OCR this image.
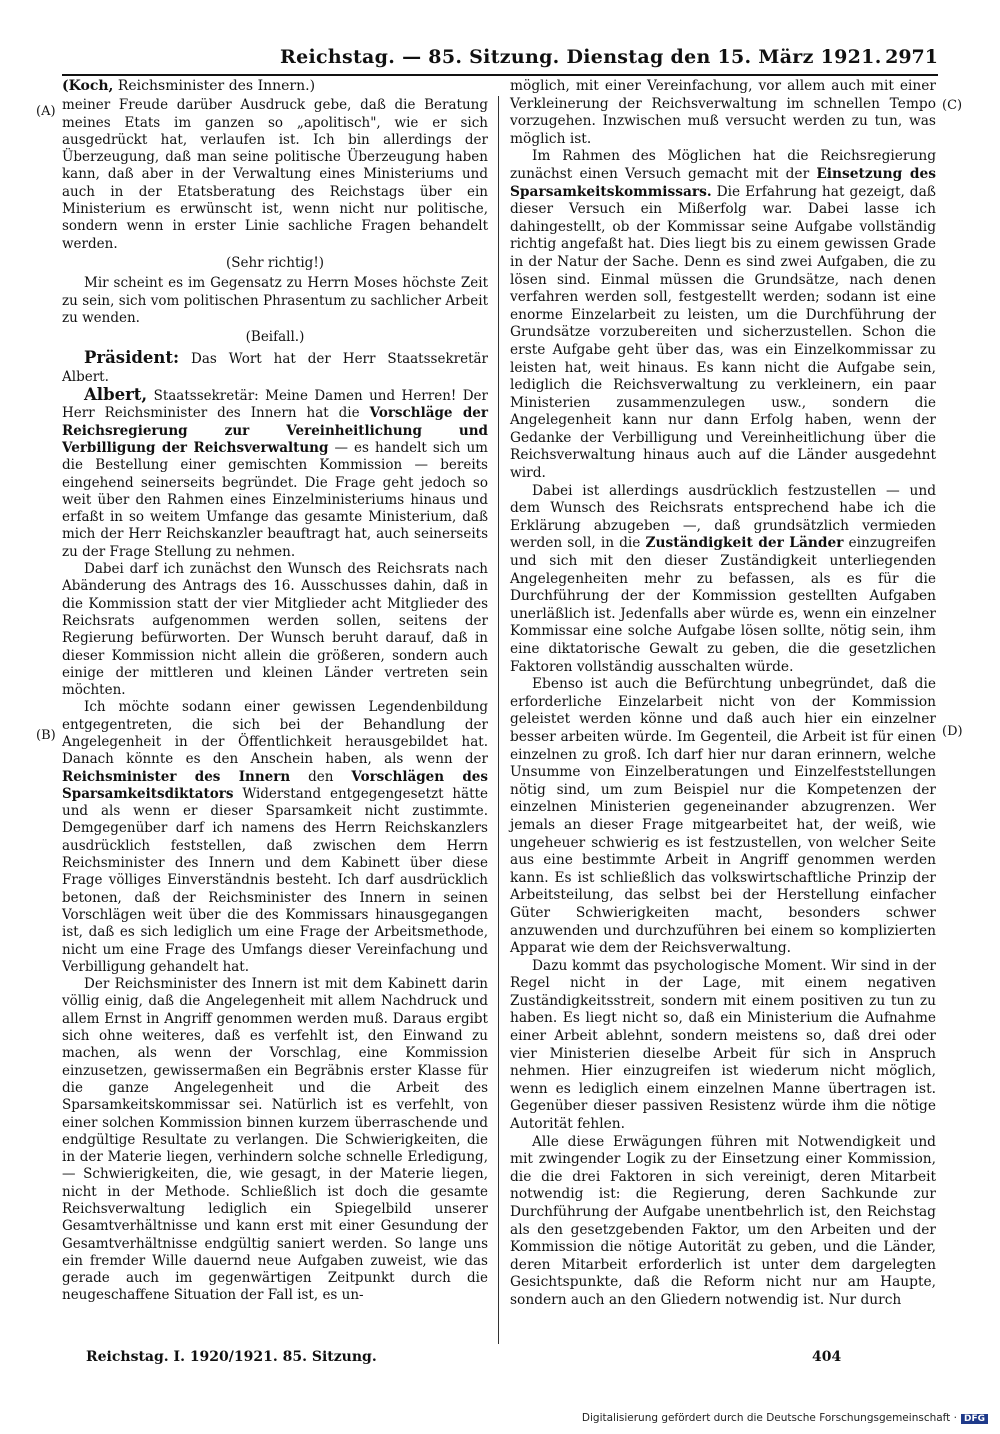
Reichstag. — 85. Sitzung. Dienstag den 15. März 1921. 2971
(A)
(B)
(C)
(D)

(Koch, Reichsminister des Innern.)

meiner Freude darüber Ausdruck gebe, daß die Beratung meines Etats im ganzen so „apolitisch", wie er sich ausgedrückt hat, verlaufen ist. Ich bin allerdings der Überzeugung, daß man seine politische Überzeugung haben kann, daß aber in der Verwaltung eines Ministeriums und auch in der Etatsberatung des Reichstags über ein Ministerium es erwünscht ist, wenn nicht nur politische, sondern wenn in erster Linie sachliche Fragen behandelt werden.

(Sehr richtig!)

Mir scheint es im Gegensatz zu Herrn Moses höchste Zeit zu sein, sich vom politischen Phrasentum zu sachlicher Arbeit zu wenden.

(Beifall.)

Präsident: Das Wort hat der Herr Staatssekretär Albert.

Albert, Staatssekretär: Meine Damen und Herren! Der Herr Reichsminister des Innern hat die Vorschläge der Reichsregierung zur Vereinheitlichung und Verbilligung der Reichsverwaltung — es handelt sich um die Bestellung einer gemischten Kommission — bereits eingehend seinerseits begründet. Die Frage geht jedoch so weit über den Rahmen eines Einzelministeriums hinaus und erfaßt in so weitem Umfange das gesamte Ministerium, daß mich der Herr Reichskanzler beauftragt hat, auch seinerseits zu der Frage Stellung zu nehmen.

Dabei darf ich zunächst den Wunsch des Reichsrats nach Abänderung des Antrags des 16. Ausschusses dahin, daß in die Kommission statt der vier Mitglieder acht Mitglieder des Reichsrats aufgenommen werden sollen, seitens der Regierung befürworten. Der Wunsch beruht darauf, daß in dieser Kommission nicht allein die größeren, sondern auch einige der mittleren und kleinen Länder vertreten sein möchten.

Ich möchte sodann einer gewissen Legendenbildung entgegentreten, die sich bei der Behandlung der Angelegenheit in der Öffentlichkeit herausgebildet hat. Danach könnte es den Anschein haben, als wenn der Reichsminister des Innern den Vorschlägen des Sparsamkeitsdiktators Widerstand entgegengesetzt hätte und als wenn er dieser Sparsamkeit nicht zustimmte. Demgegenüber darf ich namens des Herrn Reichskanzlers ausdrücklich feststellen, daß zwischen dem Herrn Reichsminister des Innern und dem Kabinett über diese Frage völliges Einverständnis besteht. Ich darf ausdrücklich betonen, daß der Reichsminister des Innern in seinen Vorschlägen weit über die des Kommissars hinausgegangen ist, daß es sich lediglich um eine Frage der Arbeitsmethode, nicht um eine Frage des Umfangs dieser Vereinfachung und Verbilligung gehandelt hat.

Der Reichsminister des Innern ist mit dem Kabinett darin völlig einig, daß die Angelegenheit mit allem Nachdruck und allem Ernst in Angriff genommen werden muß. Daraus ergibt sich ohne weiteres, daß es verfehlt ist, den Einwand zu machen, als wenn der Vorschlag, eine Kommission einzusetzen, gewissermaßen ein Begräbnis erster Klasse für die ganze Angelegenheit und die Arbeit des Sparsamkeitskommissar sei. Natürlich ist es verfehlt, von einer solchen Kommission binnen kurzem überraschende und endgültige Resultate zu verlangen. Die Schwierigkeiten, die in der Materie liegen, verhindern solche schnelle Erledigung, — Schwierigkeiten, die, wie gesagt, in der Materie liegen, nicht in der Methode. Schließlich ist doch die gesamte Reichsverwaltung lediglich ein Spiegelbild unserer Gesamtverhältnisse und kann erst mit einer Gesundung der Gesamtverhältnisse endgültig saniert werden. So lange uns ein fremder Wille dauernd neue Aufgaben zuweist, wie das gerade auch im gegenwärtigen Zeitpunkt durch die neugeschaffene Situation der Fall ist, es un-

möglich, mit einer Vereinfachung, vor allem auch mit einer Verkleinerung der Reichsverwaltung im schnellen Tempo vorzugehen. Inzwischen muß versucht werden zu tun, was möglich ist.

Im Rahmen des Möglichen hat die Reichsregierung zunächst einen Versuch gemacht mit der Einsetzung des Sparsamkeitskommissars. Die Erfahrung hat gezeigt, daß dieser Versuch ein Mißerfolg war. Dabei lasse ich dahingestellt, ob der Kommissar seine Aufgabe vollständig richtig angefaßt hat. Dies liegt bis zu einem gewissen Grade in der Natur der Sache. Denn es sind zwei Aufgaben, die zu lösen sind. Einmal müssen die Grundsätze, nach denen verfahren werden soll, festgestellt werden; sodann ist eine enorme Einzelarbeit zu leisten, um die Durchführung der Grundsätze vorzubereiten und sicherzustellen. Schon die erste Aufgabe geht über das, was ein Einzelkommissar zu leisten hat, weit hinaus. Es kann nicht die Aufgabe sein, lediglich die Reichsverwaltung zu verkleinern, ein paar Ministerien zusammenzulegen usw., sondern die Angelegenheit kann nur dann Erfolg haben, wenn der Gedanke der Verbilligung und Vereinheitlichung über die Reichsverwaltung hinaus auch auf die Länder ausgedehnt wird.

Dabei ist allerdings ausdrücklich festzustellen — und dem Wunsch des Reichsrats entsprechend habe ich die Erklärung abzugeben —, daß grundsätzlich vermieden werden soll, in die Zuständigkeit der Länder einzugreifen und sich mit den dieser Zuständigkeit unterliegenden Angelegenheiten mehr zu befassen, als es für die Durchführung der der Kommission gestellten Aufgaben unerläßlich ist. Jedenfalls aber würde es, wenn ein einzelner Kommissar eine solche Aufgabe lösen sollte, nötig sein, ihm eine diktatorische Gewalt zu geben, die die gesetzlichen Faktoren vollständig ausschalten würde.

Ebenso ist auch die Befürchtung unbegründet, daß die erforderliche Einzelarbeit nicht von der Kommission geleistet werden könne und daß auch hier ein einzelner besser arbeiten würde. Im Gegenteil, die Arbeit ist für einen einzelnen zu groß. Ich darf hier nur daran erinnern, welche Unsumme von Einzelberatungen und Einzelfeststellungen nötig sind, um zum Beispiel nur die Kompetenzen der einzelnen Ministerien gegeneinander abzugrenzen. Wer jemals an dieser Frage mitgearbeitet hat, der weiß, wie ungeheuer schwierig es ist festzustellen, von welcher Seite aus eine bestimmte Arbeit in Angriff genommen werden kann. Es ist schließlich das volkswirtschaftliche Prinzip der Arbeitsteilung, das selbst bei der Herstellung einfacher Güter Schwierigkeiten macht, besonders schwer anzuwenden und durchzuführen bei einem so komplizierten Apparat wie dem der Reichsverwaltung.

Dazu kommt das psychologische Moment. Wir sind in der Regel nicht in der Lage, mit einem negativen Zuständigkeitsstreit, sondern mit einem positiven zu tun zu haben. Es liegt nicht so, daß ein Ministerium die Aufnahme einer Arbeit ablehnt, sondern meistens so, daß drei oder vier Ministerien dieselbe Arbeit für sich in Anspruch nehmen. Hier einzugreifen ist wiederum nicht möglich, wenn es lediglich einem einzelnen Manne übertragen ist. Gegenüber dieser passiven Resistenz würde ihm die nötige Autorität fehlen.

Alle diese Erwägungen führen mit Notwendigkeit und mit zwingender Logik zu der Einsetzung einer Kommission, die die drei Faktoren in sich vereinigt, deren Mitarbeit notwendig ist: die Regierung, deren Sachkunde zur Durchführung der Aufgabe unentbehrlich ist, den Reichstag als den gesetzgebenden Faktor, um den Arbeiten und der Kommission die nötige Autorität zu geben, und die Länder, deren Mitarbeit erforderlich ist unter dem dargelegten Gesichtspunkte, daß die Reform nicht nur am Haupte, sondern auch an den Gliedern notwendig ist. Nur durch

Reichstag. I. 1920/1921. 85. Sitzung.	404
Digitalisierung gefördert durch die Deutsche Forschungsgemeinschaft · DFG
